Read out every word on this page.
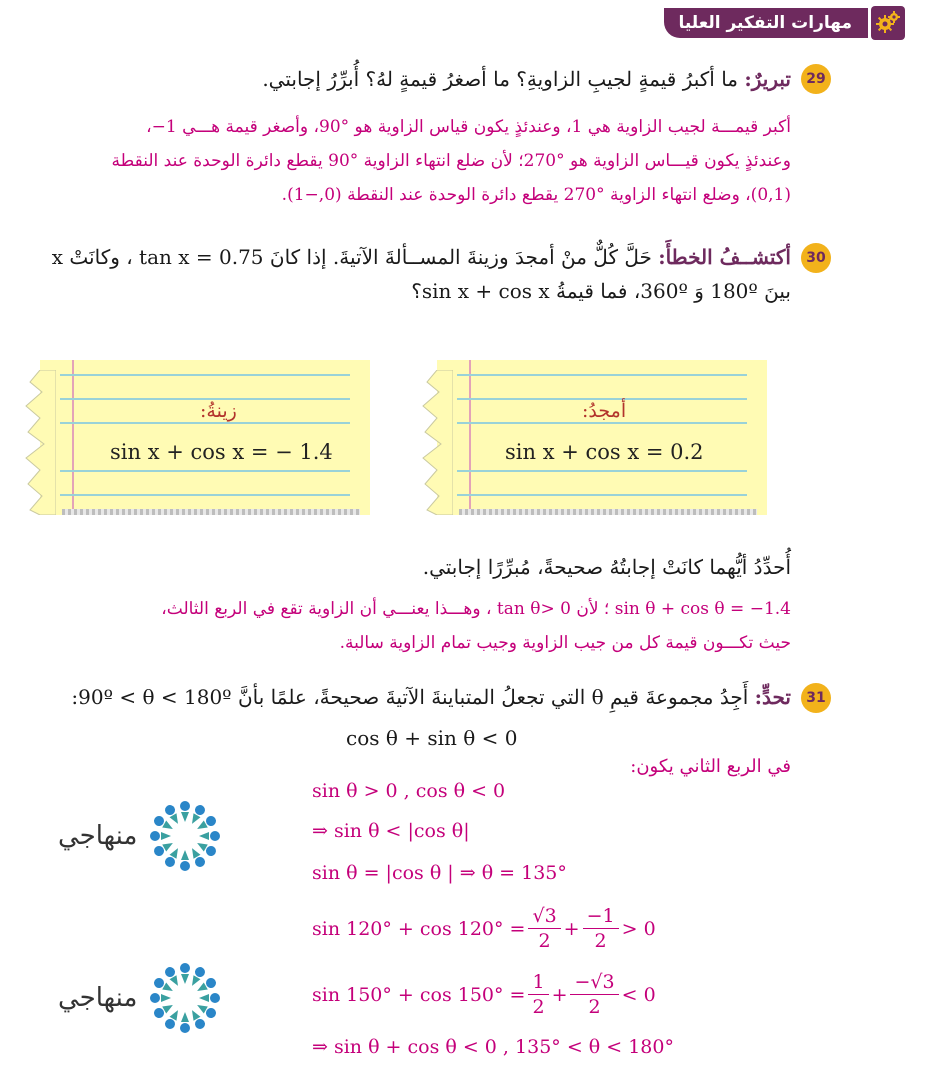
مهارات التفكير العليا
29
تبريرٌ: ما أكبرُ قيمةٍ لجيبِ الزاويةِ؟ ما أصغرُ قيمةٍ لهُ؟ أُبرِّرُ إجابتي.
أكبر قيمـــة لجيب الزاوية هي 1، وعندئذٍ يكون قياس الزاوية هو °90، وأصغر قيمة هـــي 1−،
وعندئذٍ يكون قيـــاس الزاوية هو °270؛ لأن ضلع انتهاء الزاوية °90 يقطع دائرة الوحدة عند النقطة
(0,1)، وضلع انتهاء الزاوية °270 يقطع دائرة الوحدة عند النقطة (0,−1).
30
أكتشــفُ الخطأَ: حَلَّ كُلٌّ منْ أمجدَ وزينةَ المســألةَ الآتيةَ. إذا كانَ tan x = 0.75 ، وكانَتْ x
بينَ 180º وَ 360º، فما قيمةُ sin x + cos x؟
زينةُ:
sin x + cos x = − 1.4
أمجدُ:
sin x + cos x = 0.2
أُحدِّدُ أيُّهما كانَتْ إجابتُهُ صحيحةً، مُبرِّرًا إجابتي.
sin θ + cos θ = −1.4 ؛ لأن tan θ> 0 ، وهـــذا يعنـــي أن الزاوية تقع في الربع الثالث،
حيث تكـــون قيمة كل من جيب الزاوية وجيب تمام الزاوية سالبة.
31
تحدٍّ: أَجِدُ مجموعةَ قيمِ θ التي تجعلُ المتباينةَ الآتيةَ صحيحةً، علمًا بأنَّ 90º < θ < 180º:
cos θ + sin θ < 0
في الربع الثاني يكون:
sin θ > 0 , cos θ < 0
⇒ sin θ < |cos θ|
sin θ = |cos θ | ⇒ θ = 135°
$\sin 120^\circ + \cos 120^\circ = \frac{√3}{2} + \frac{-1}{2} > 0$
$\sin 150^\circ + \cos 150^\circ = \frac{1}{2} + \frac{-√3}{2} < 0$
⇒ sin θ + cos θ < 0 , 135° < θ < 180°
منهاجي
منهاجي
